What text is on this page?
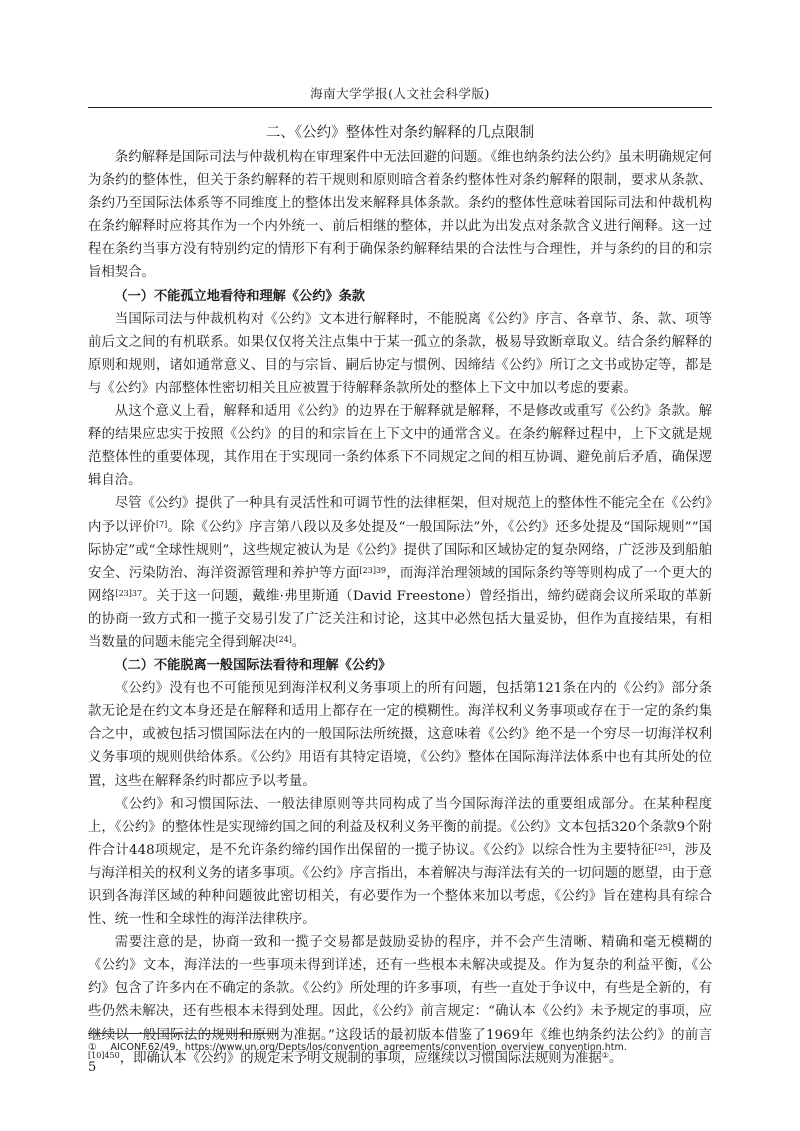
海南大学学报(人文社会科学版)
二、《公约》整体性对条约解释的几点限制

条约解释是国际司法与仲裁机构在审理案件中无法回避的问题。《维也纳条约法公约》虽未明确规定何为条约的整体性，但关于条约解释的若干规则和原则暗含着条约整体性对条约解释的限制，要求从条款、条约乃至国际法体系等不同维度上的整体出发来解释具体条款。条约的整体性意味着国际司法和仲裁机构在条约解释时应将其作为一个内外统一、前后相继的整体，并以此为出发点对条款含义进行阐释。这一过程在条约当事方没有特别约定的情形下有利于确保条约解释结果的合法性与合理性，并与条约的目的和宗旨相契合。

（一）不能孤立地看待和理解《公约》条款

当国际司法与仲裁机构对《公约》文本进行解释时，不能脱离《公约》序言、各章节、条、款、项等前后文之间的有机联系。如果仅仅将关注点集中于某一孤立的条款，极易导致断章取义。结合条约解释的原则和规则，诸如通常意义、目的与宗旨、嗣后协定与惯例、因缔结《公约》所订之文书或协定等，都是与《公约》内部整体性密切相关且应被置于待解释条款所处的整体上下文中加以考虑的要素。

从这个意义上看，解释和适用《公约》的边界在于解释就是解释，不是修改或重写《公约》条款。解释的结果应忠实于按照《公约》的目的和宗旨在上下文中的通常含义。在条约解释过程中，上下文就是规范整体性的重要体现，其作用在于实现同一条约体系下不同规定之间的相互协调、避免前后矛盾，确保逻辑自洽。

尽管《公约》提供了一种具有灵活性和可调节性的法律框架，但对规范上的整体性不能完全在《公约》内予以评价[7]。除《公约》序言第八段以及多处提及“一般国际法”外，《公约》还多处提及“国际规则”“国际协定”或“全球性规则”，这些规定被认为是《公约》提供了国际和区域协定的复杂网络，广泛涉及到船舶安全、污染防治、海洋资源管理和养护等方面$^{[23]39}$，而海洋治理领域的国际条约等等则构成了一个更大的网络$^{[23]37}$。关于这一问题，戴维·弗里斯通（David Freestone）曾经指出，缔约磋商会议所采取的革新的协商一致方式和一揽子交易引发了广泛关注和讨论，这其中必然包括大量妥协，但作为直接结果，有相当数量的问题未能完全得到解决[24]。

（二）不能脱离一般国际法看待和理解《公约》

《公约》没有也不可能预见到海洋权利义务事项上的所有问题，包括第121条在内的《公约》部分条款无论是在约文本身还是在解释和适用上都存在一定的模糊性。海洋权利义务事项或存在于一定的条约集合之中，或被包括习惯国际法在内的一般国际法所统摄，这意味着《公约》绝不是一个穷尽一切海洋权利义务事项的规则供给体系。《公约》用语有其特定语境，《公约》整体在国际海洋法体系中也有其所处的位置，这些在解释条约时都应予以考量。

《公约》和习惯国际法、一般法律原则等共同构成了当今国际海洋法的重要组成部分。在某种程度上，《公约》的整体性是实现缔约国之间的利益及权利义务平衡的前提。《公约》文本包括320个条款9个附件合计448项规定，是不允许条约缔约国作出保留的一揽子协议。《公约》以综合性为主要特征[25]，涉及与海洋相关的权利义务的诸多事项。《公约》序言指出，本着解决与海洋法有关的一切问题的愿望，由于意识到各海洋区域的种种问题彼此密切相关，有必要作为一个整体来加以考虑，《公约》旨在建构具有综合性、统一性和全球性的海洋法律秩序。

需要注意的是，协商一致和一揽子交易都是鼓励妥协的程序，并不会产生清晰、精确和毫无模糊的《公约》文本，海洋法的一些事项未得到详述，还有一些根本未解决或提及。作为复杂的利益平衡，《公约》包含了许多内在不确定的条款。《公约》所处理的许多事项，有些一直处于争议中，有些是全新的，有些仍然未解决，还有些根本未得到处理。因此，《公约》前言规定：“确认本《公约》未予规定的事项，应继续以一般国际法的规则和原则为准据。”这段话的最初版本借鉴了1969年《维也纳条约法公约》的前言$^{[10]450}$，即确认本《公约》的规定未予明文规制的事项，应继续以习惯国际法规则为准据①。

① AICONF.62/49，https://www.un.org/Depts/los/convention_agreements/convention_overview_convention.htm.
5
